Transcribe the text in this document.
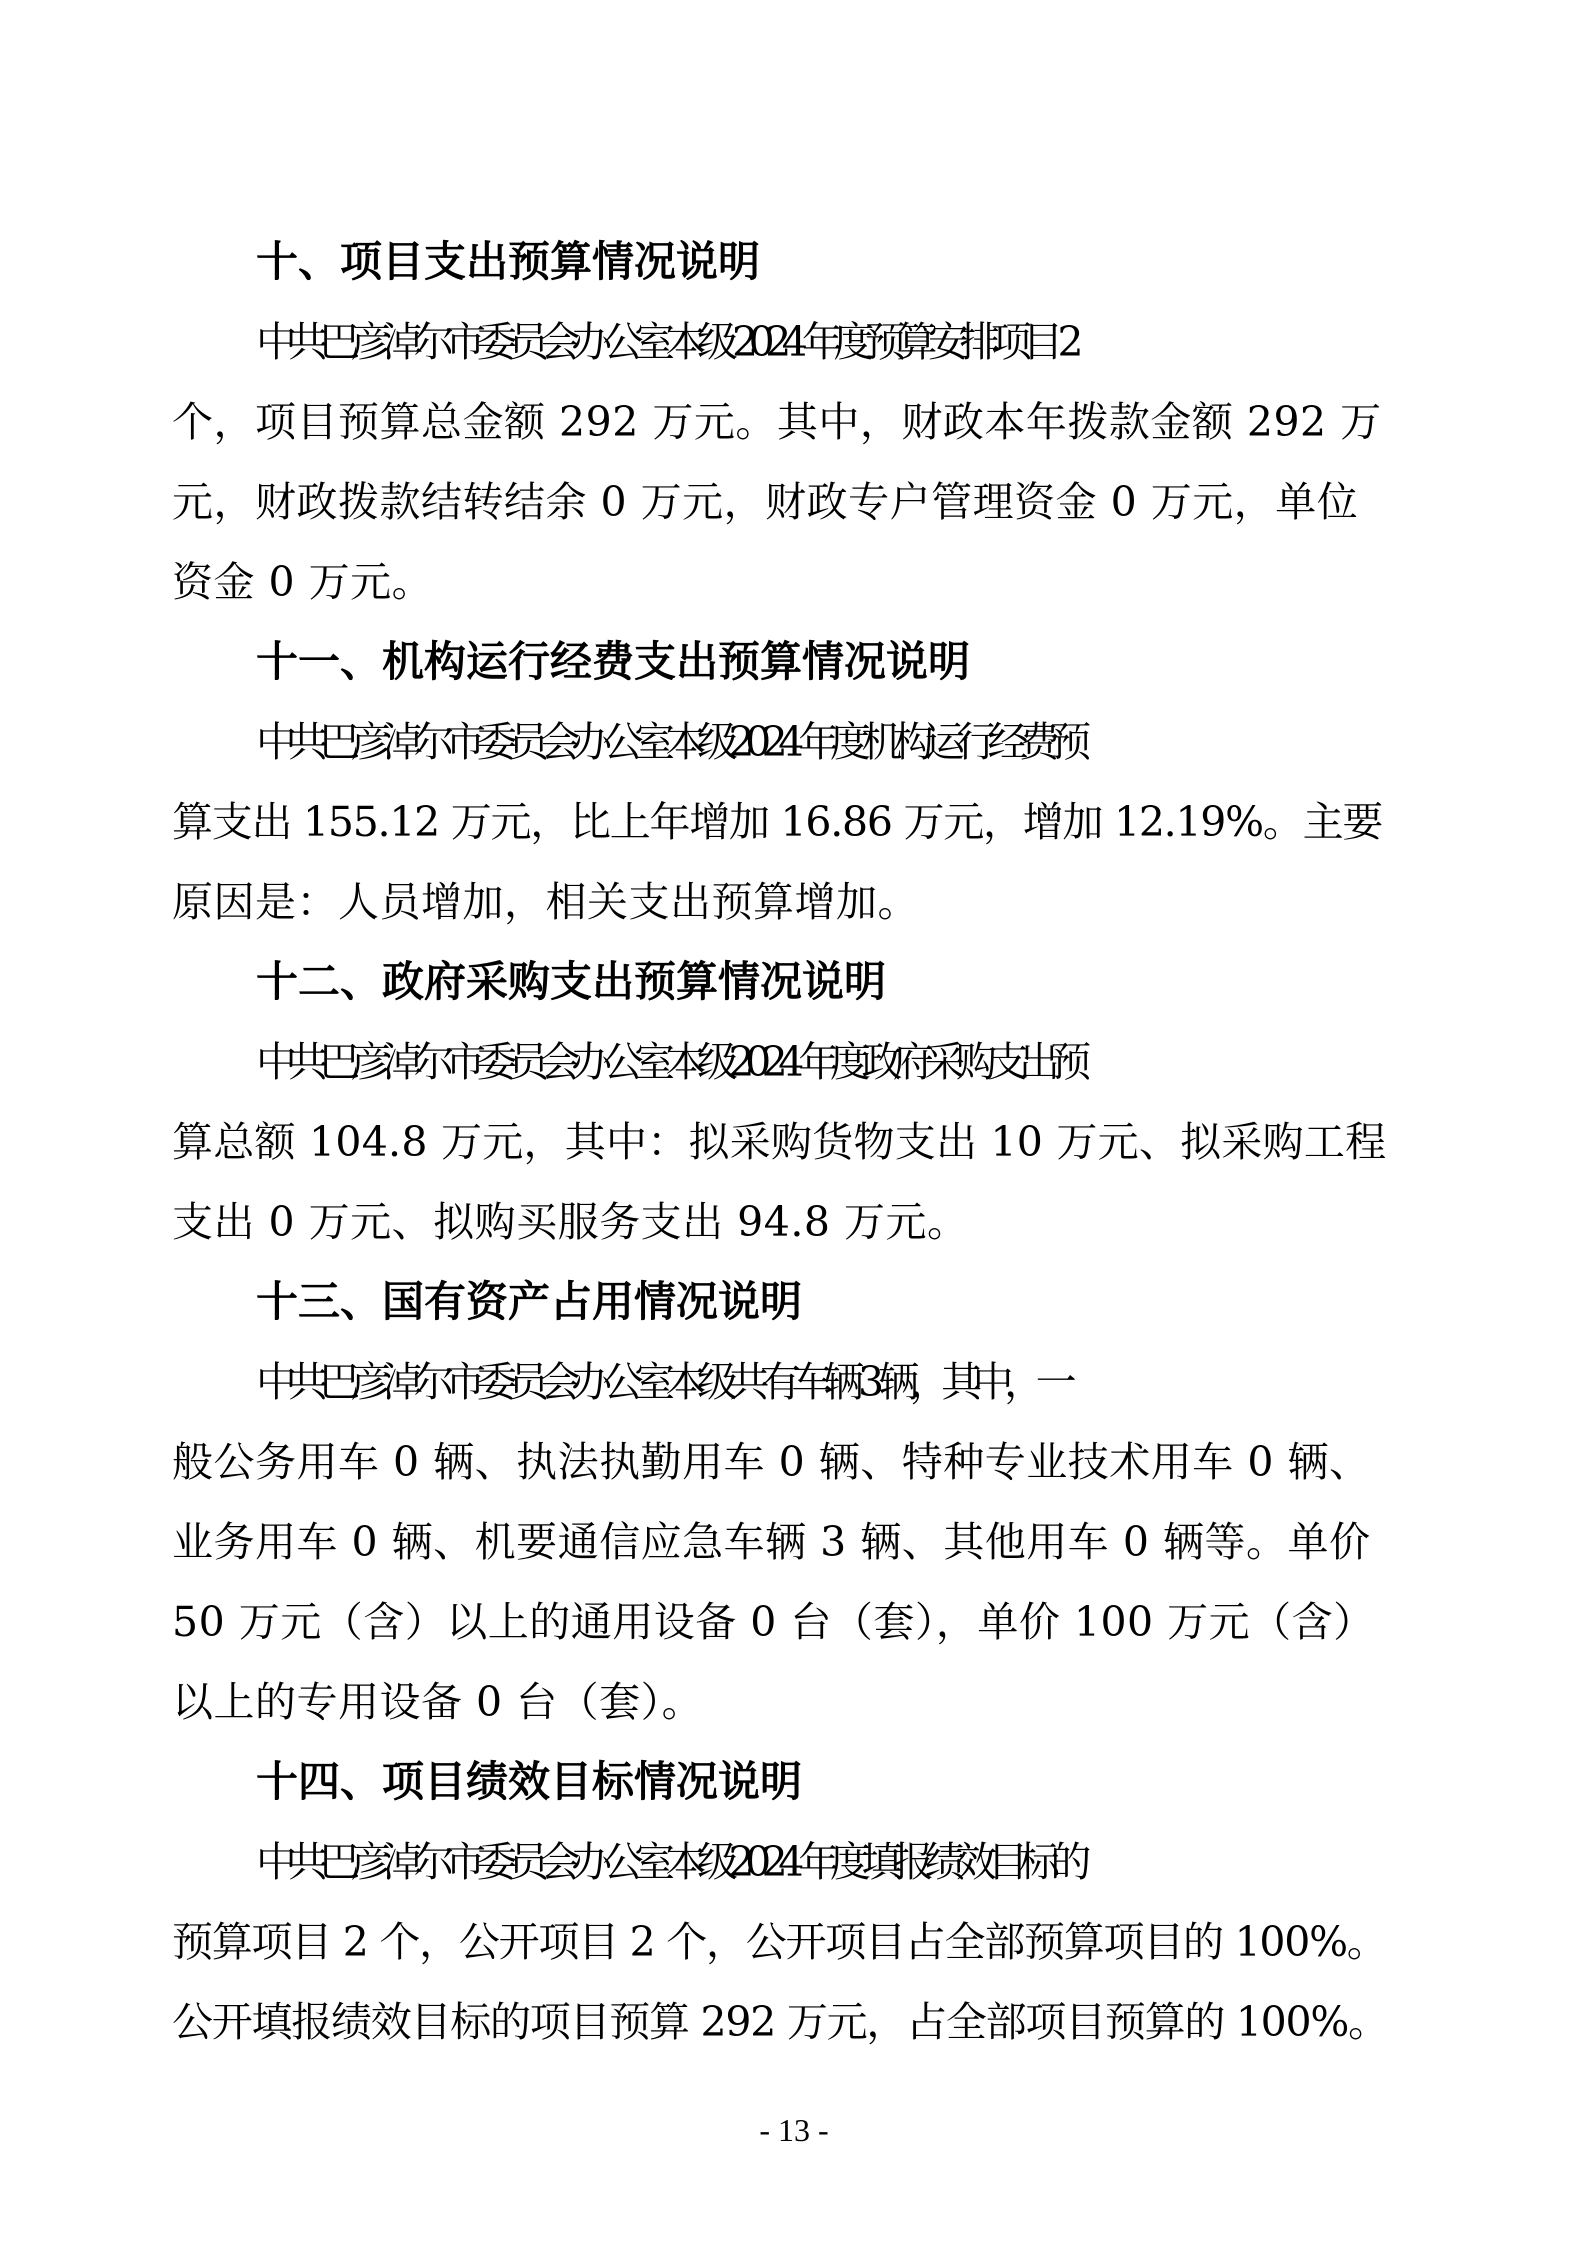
十、项目支出预算情况说明

中共巴彦淖尔市委员会办公室本级 2024 年度预算安排项目 2
个，项目预算总金额 292 万元。其中，财政本年拨款金额 292 万
元，财政拨款结转结余 0 万元，财政专户管理资金 0 万元，单位
资金 0 万元。

十一、机构运行经费支出预算情况说明

中共巴彦淖尔市委员会办公室本级2024 年度机构运行经费预
算支出 155.12 万元，比上年增加 16.86 万元，增加 12.19%。主要
原因是：人员增加，相关支出预算增加。

十二、政府采购支出预算情况说明

中共巴彦淖尔市委员会办公室本级2024 年度政府采购支出预
算总额 104.8 万元，其中：拟采购货物支出 10 万元、拟采购工程
支出 0 万元、拟购买服务支出 94.8 万元。

十三、国有资产占用情况说明

中共巴彦淖尔市委员会办公室本级共有车辆 3 辆，其中，一
般公务用车 0 辆、执法执勤用车 0 辆、特种专业技术用车 0 辆、
业务用车 0 辆、机要通信应急车辆 3 辆、其他用车 0 辆等。单价
50 万元（含）以上的通用设备 0 台（套），单价 100 万元（含）
以上的专用设备 0 台（套）。

十四、项目绩效目标情况说明

中共巴彦淖尔市委员会办公室本级2024 年度填报绩效目标的
预算项目 2 个，公开项目 2 个，公开项目占全部预算项目的 100%。
公开填报绩效目标的项目预算 292 万元，占全部项目预算的 100%。

- 13 -
